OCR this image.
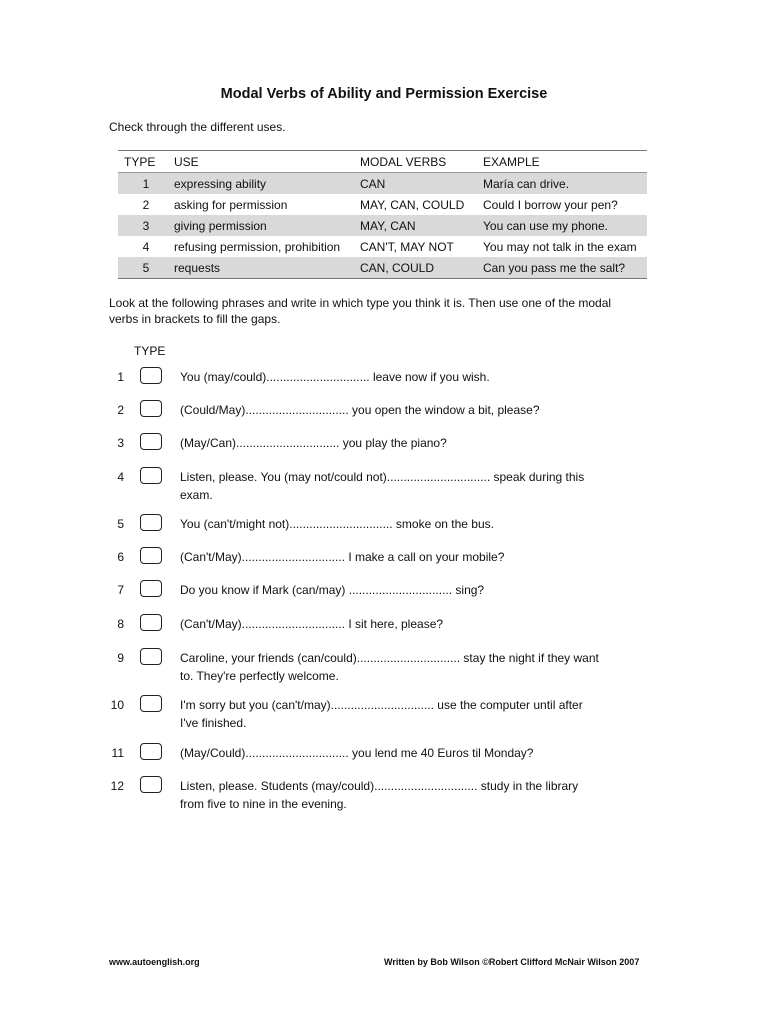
Modal Verbs of Ability and Permission Exercise
Check through the different uses.
TYPE	USE	MODAL VERBS	EXAMPLE
1	expressing ability	CAN	María can drive.
2	asking for permission	MAY, CAN, COULD	Could I borrow your pen?
3	giving permission	MAY, CAN	You can use my phone.
4	refusing permission, prohibition	CAN'T, MAY NOT	You may not talk in the exam
5	requests	CAN, COULD	Can you pass me the salt?
Look at the following phrases and write in which type you think it is. Then use one of the modal
verbs in brackets to fill the gaps.
TYPE
1	You (may/could)............................... leave now if you wish.
2	(Could/May)............................... you open the window a bit, please?
3	(May/Can)............................... you play the piano?
4	Listen, please. You (may not/could not)............................... speak during this
exam.
5	You (can't/might not)............................... smoke on the bus.
6	(Can't/May)............................... I make a call on your mobile?
7	Do you know if Mark (can/may) ............................... sing?
8	(Can't/May)............................... I sit here, please?
9	Caroline, your friends (can/could)............................... stay the night if they want
to. They're perfectly welcome.
10	I'm sorry but you (can't/may)............................... use the computer until after
I've finished.
11	(May/Could)............................... you lend me 40 Euros til Monday?
12	Listen, please. Students (may/could)............................... study in the library
from five to nine in the evening.
www.autoenglish.org	Written by Bob Wilson ©Robert Clifford McNair Wilson 2007
